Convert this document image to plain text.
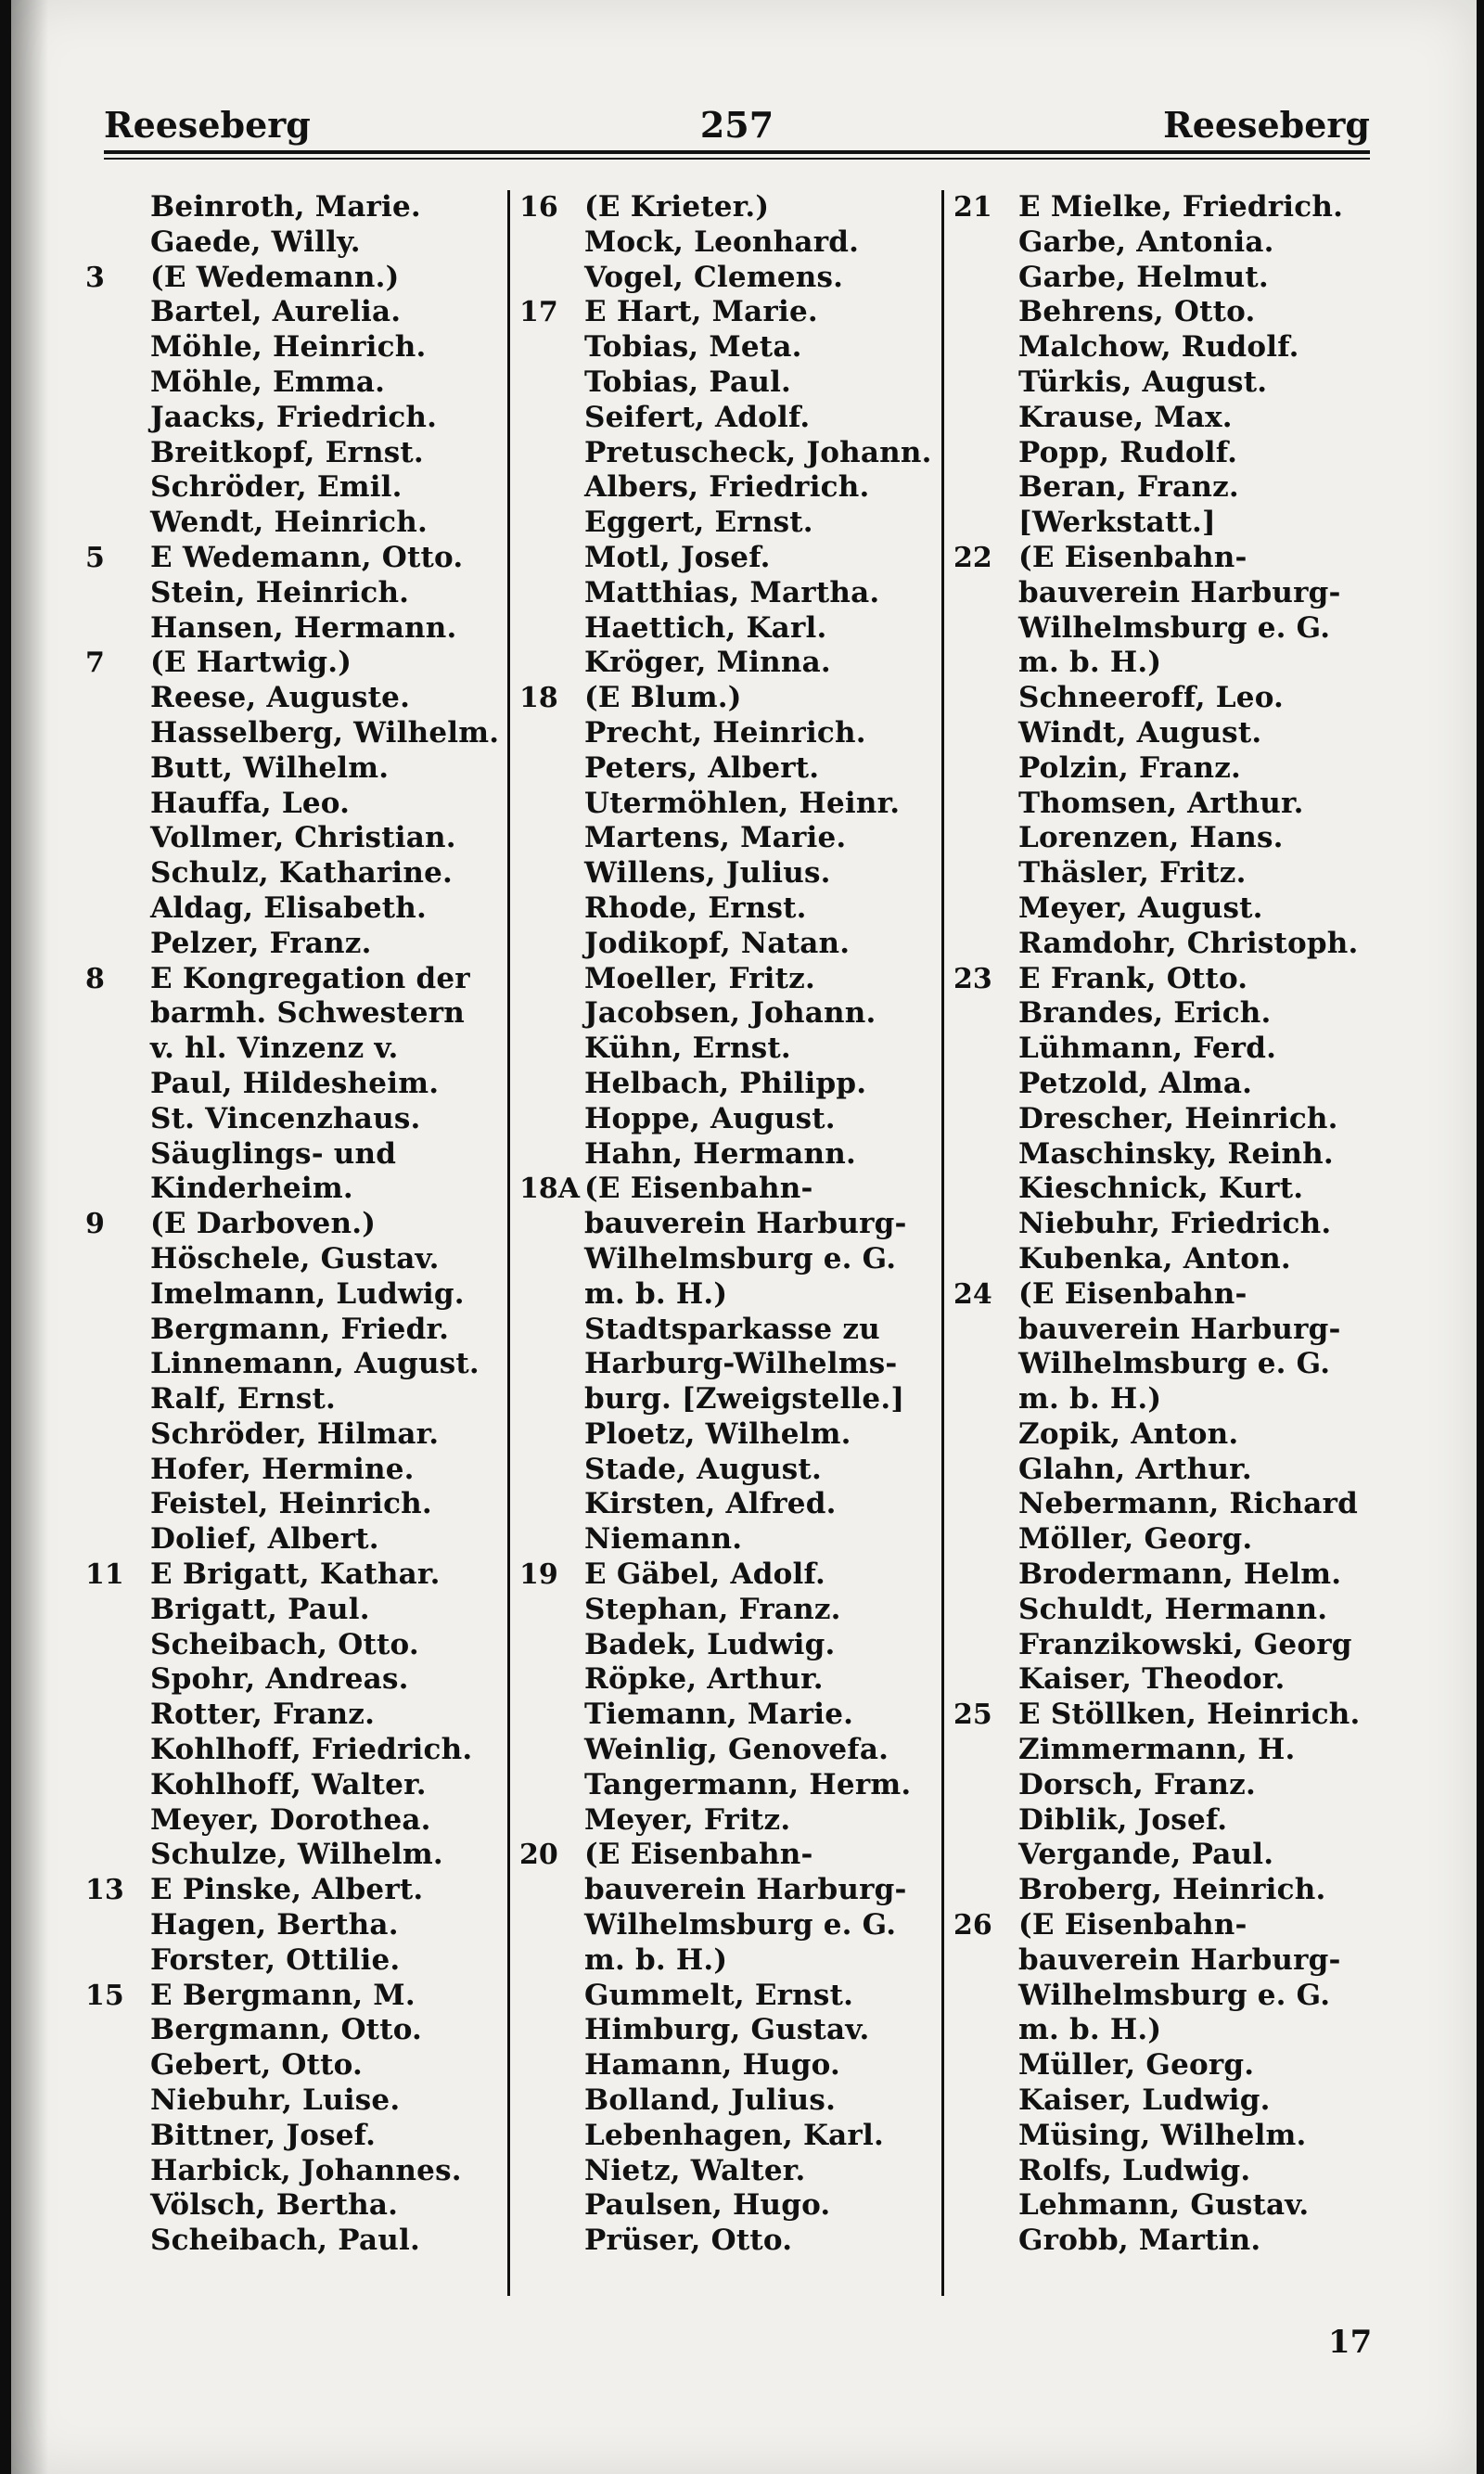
Reeseberg	257	Reeseberg
Beinroth, Marie.
Gaede, Willy.
3	(E Wedemann.)
Bartel, Aurelia.
Möhle, Heinrich.
Möhle, Emma.
Jaacks, Friedrich.
Breitkopf, Ernst.
Schröder, Emil.
Wendt, Heinrich.
5	E Wedemann, Otto.
Stein, Heinrich.
Hansen, Hermann.
7	(E Hartwig.)
Reese, Auguste.
Hasselberg, Wilhelm.
Butt, Wilhelm.
Hauffa, Leo.
Vollmer, Christian.
Schulz, Katharine.
Aldag, Elisabeth.
Pelzer, Franz.
8	E Kongregation der
barmh. Schwestern
v. hl. Vinzenz v.
Paul, Hildesheim.
St. Vincenzhaus.
Säuglings- und
Kinderheim.
9	(E Darboven.)
Höschele, Gustav.
Imelmann, Ludwig.
Bergmann, Friedr.
Linnemann, August.
Ralf, Ernst.
Schröder, Hilmar.
Hofer, Hermine.
Feistel, Heinrich.
Dolief, Albert.
11 E Brigatt, Kathar.
Brigatt, Paul.
Scheibach, Otto.
Spohr, Andreas.
Rotter, Franz.
Kohlhoff, Friedrich.
Kohlhoff, Walter.
Meyer, Dorothea.
Schulze, Wilhelm.
13 E Pinske, Albert.
Hagen, Bertha.
Forster, Ottilie.
15 E Bergmann, M.
Bergmann, Otto.
Gebert, Otto.
Niebuhr, Luise.
Bittner, Josef.
Harbick, Johannes.
Völsch, Bertha.
Scheibach, Paul.
16 (E Krieter.)
Mock, Leonhard.
Vogel, Clemens.
17 E Hart, Marie.
Tobias, Meta.
Tobias, Paul.
Seifert, Adolf.
Pretuscheck, Johann.
Albers, Friedrich.
Eggert, Ernst.
Motl, Josef.
Matthias, Martha.
Haettich, Karl.
Kröger, Minna.
18 (E Blum.)
Precht, Heinrich.
Peters, Albert.
Utermöhlen, Heinr.
Martens, Marie.
Willens, Julius.
Rhode, Ernst.
Jodikopf, Natan.
Moeller, Fritz.
Jacobsen, Johann.
Kühn, Ernst.
Helbach, Philipp.
Hoppe, August.
Hahn, Hermann.
18A (E Eisenbahn-
bauverein Harburg-
Wilhelmsburg e. G.
m. b. H.)
Stadtsparkasse zu
Harburg-Wilhelms-
burg. [Zweigstelle.]
Ploetz, Wilhelm.
Stade, August.
Kirsten, Alfred.
Niemann.
19 E Gäbel, Adolf.
Stephan, Franz.
Badek, Ludwig.
Röpke, Arthur.
Tiemann, Marie.
Weinlig, Genovefa.
Tangermann, Herm.
Meyer, Fritz.
20 (E Eisenbahn-
bauverein Harburg-
Wilhelmsburg e. G.
m. b. H.)
Gummelt, Ernst.
Himburg, Gustav.
Hamann, Hugo.
Bolland, Julius.
Lebenhagen, Karl.
Nietz, Walter.
Paulsen, Hugo.
Prüser, Otto.
21 E Mielke, Friedrich.
Garbe, Antonia.
Garbe, Helmut.
Behrens, Otto.
Malchow, Rudolf.
Türkis, August.
Krause, Max.
Popp, Rudolf.
Beran, Franz.
[Werkstatt.]
22 (E Eisenbahn-
bauverein Harburg-
Wilhelmsburg e. G.
m. b. H.)
Schneeroff, Leo.
Windt, August.
Polzin, Franz.
Thomsen, Arthur.
Lorenzen, Hans.
Thäsler, Fritz.
Meyer, August.
Ramdohr, Christoph.
23 E Frank, Otto.
Brandes, Erich.
Lühmann, Ferd.
Petzold, Alma.
Drescher, Heinrich.
Maschinsky, Reinh.
Kieschnick, Kurt.
Niebuhr, Friedrich.
Kubenka, Anton.
24 (E Eisenbahn-
bauverein Harburg-
Wilhelmsburg e. G.
m. b. H.)
Zopik, Anton.
Glahn, Arthur.
Nebermann, Richard
Möller, Georg.
Brodermann, Helm.
Schuldt, Hermann.
Franzikowski, Georg
Kaiser, Theodor.
25 E Stöllken, Heinrich.
Zimmermann, H.
Dorsch, Franz.
Diblik, Josef.
Vergande, Paul.
Broberg, Heinrich.
26 (E Eisenbahn-
bauverein Harburg-
Wilhelmsburg e. G.
m. b. H.)
Müller, Georg.
Kaiser, Ludwig.
Müsing, Wilhelm.
Rolfs, Ludwig.
Lehmann, Gustav.
Grobb, Martin.
17
